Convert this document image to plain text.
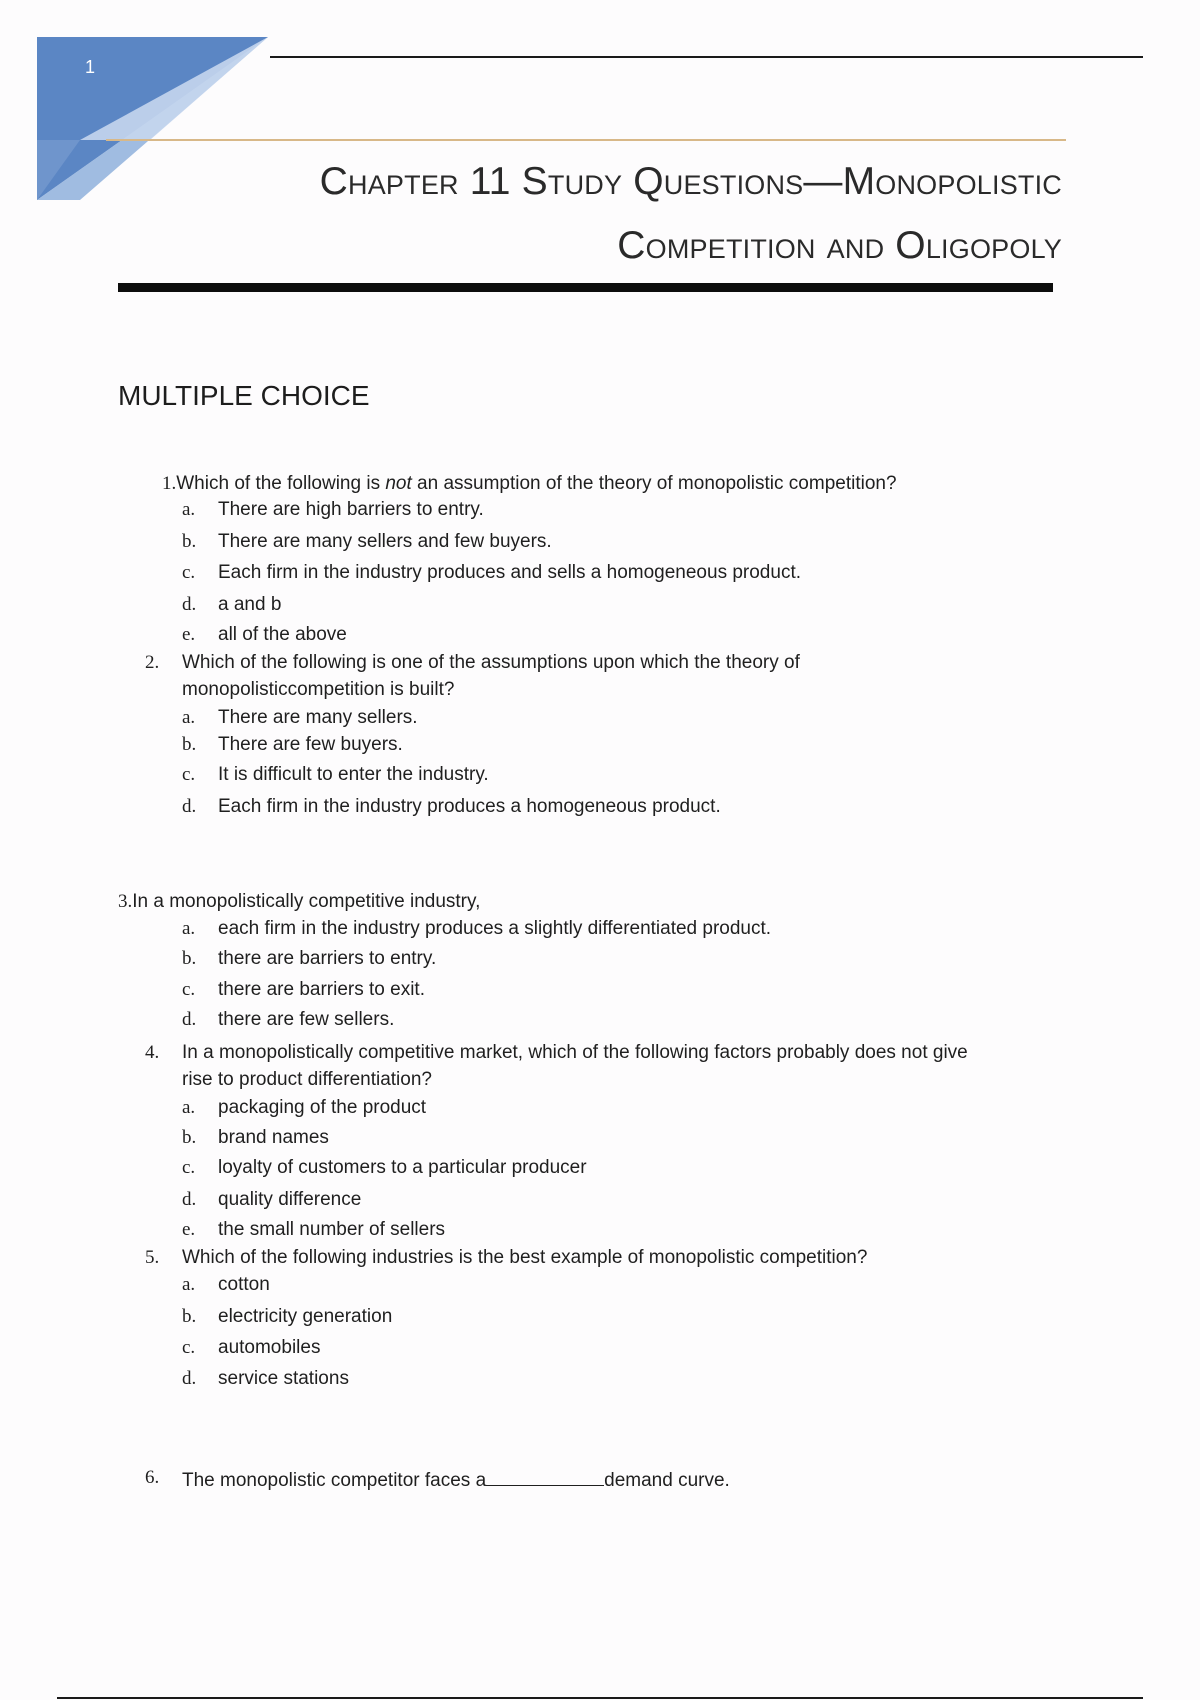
1
Chapter 11 Study Questions—Monopolistic
Competition and Oligopoly
MULTIPLE CHOICE
1.Which of the following is not an assumption of the theory of monopolistic competition?
a. There are high barriers to entry.
b. There are many sellers and few buyers.
c. Each firm in the industry produces and sells a homogeneous product.
d. a and b
e. all of the above
2. Which of the following is one of the assumptions upon which the theory of
monopolisticcompetition is built?
a. There are many sellers.
b. There are few buyers.
c. It is difficult to enter the industry.
d. Each firm in the industry produces a homogeneous product.
3.In a monopolistically competitive industry,
a. each firm in the industry produces a slightly differentiated product.
b. there are barriers to entry.
c. there are barriers to exit.
d. there are few sellers.
4. In a monopolistically competitive market, which of the following factors probably does not give
rise to product differentiation?
a. packaging of the product
b. brand names
c. loyalty of customers to a particular producer
d. quality difference
e. the small number of sellers
5. Which of the following industries is the best example of monopolistic competition?
a. cotton
b. electricity generation
c. automobiles
d. service stations
6. The monopolistic competitor faces a	demand curve.
